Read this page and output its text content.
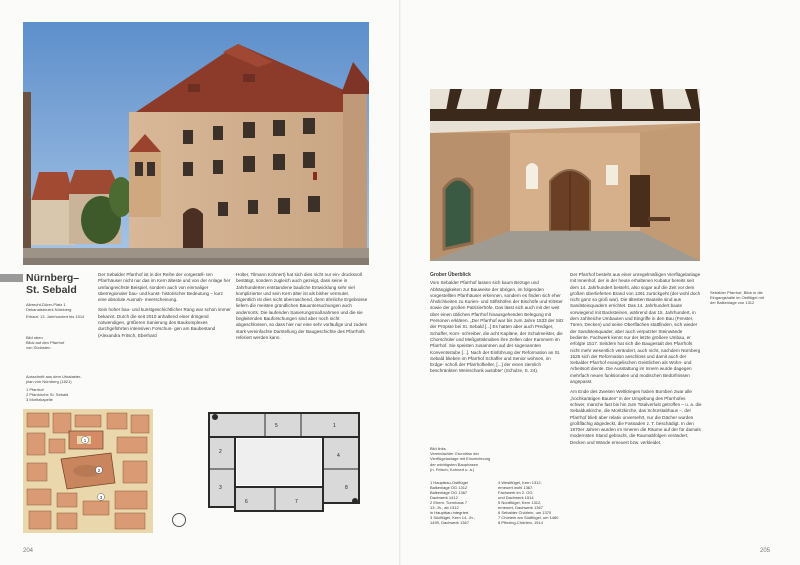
Nürnberg–
St. Sebald
Albrecht-Dürer-Platz 1
Dekanatsbezirk Nürnberg
Erbaut: 13. Jahrhundert bis 1514
Bild oben
Blick auf den Pfarrhof
von Südosten
Ausschnitt aus dem Urkataster-
plan von Nürnberg (1821)
1 Pfarrhof
2 Pfarrkirche St. Sebald
3 Moritzkapelle

Der Sebalder Pfarrhof ist in der Reihe der vorgestell- ten Pfarrhäuser nicht nur das im Kern älteste und von der Anlage her umfangreichste Beispiel, sondern auch von einmaliger überregionaler bau- und kunst- historischer Bedeutung – kurz eine absolute Ausnah- meerscheinung.

Sein hoher bau- und kunstgeschichtlicher Rang war schon immer bekannt. Durch die seit 2010 anhaltend einer dringend notwendigen, größeren Sanierung des Baukomplexes durchgeführten intensiven Forschun- gen am Baubestand (Alexandra Fritsch, Eberhard

Holter, Tilmann Kohnert) hat sich dies nicht nur ein- drucksvoll bestätigt, sondern zugleich auch gezeigt, dass seine in Jahrhunderten entstandene bauliche Entwicklung sehr viel komplizierter und sein Kern älter ist als bisher vermutet. Eigentlich ist dies nicht überraschend, denn ähnliche Ergebnisse liefern die meisten gründlichen Bauuntersuchungen auch andernorts. Die laufenden Sanierungsmaßnahmen und die sie begleitenden Bauforschungen sind aber noch nicht abgeschlossen, so dass hier nur eine sehr vorläufige und zudem stark vereinfachte Darstellung der Baugeschichte des Pfarrhofs referiert werden kann.

1
2
3
5
2
3
4
6	7
8
1
204
Sebalder Pfarrhof, Blick in die
Eingangshalle im Ostflügel mit
der Balkenlage von 1312
Grober Überblick

Vom Sebalder Pfarrhof lassen sich kaum Bezüge und Abhängigkeiten zur Bauweise der übrigen, im folgenden vorgestellten Pfarrhäuser erkennen, sondern es finden sich eher Ähnlichkeiten zu Kurien- und Stiftshöfen der Bischöfe und Klöster sowie der großen Patrizierhöfe. Das lässt sich auch mit der weit über einen üblichen Pfarrhof hinausgehenden Belegung mit Personen erklären. „Der Pfarrhof war bis zum Jahre 1533 der Sitz der Pröpste bei St. Sebald [...] Es hatten aber auch Prediger, Schaffer, Korn- schreiber, die acht Kapläne, der Schulmeister, die Chorschüler und Meßgottsknaben ihre Zellen oder Kammern im Pfarrhof. Sie speisten zusammen auf der sogenannten Konventsstube [...]. Nach der Einführung der Reformation an St. Sebald blieben im Pfarrhof Schaffer und Senior wohnen, im Erdge- schoß der Pfarrhofkeller, [...] der einen ziemlich beschränkten Weinschank ausübte“ (Schulze, S. 24).

Der Pfarrhof besteht aus einer unregelmäßigen Vierflügelanlage mit Innenhof, der in der heute erhaltenen Kubatur bereits seit dem 14. Jahrhundert besteht, also sogar auf die Zeit vor dem großen überlieferten Brand von 1361 zurückgeht (der wohl doch nicht ganz so groß war). Die ältesten Bauteile sind aus Sandsteinquadern errichtet. Das 14. Jahrhundert baute vorwiegend mit Backsteinen, während das 15. Jahrhundert, in dem zahlreiche Umbauten und Eingriffe in den Bau (Fenster, Türen, Decken) und seine Oberflächen stattfinden, sich wieder der Sandsteinquader, aber auch verputzter Steinwände bediente. Fachwerk kennt nur der letzte größere Umbau, er erfolgte 1517. Seitdem hat sich die Baugestalt des Pfarrhofs nicht mehr wesentlich verändert, auch nicht, nachdem Nürnberg 1525 sich der Reformation anschloss und damit auch der Sebalder Pfarrhof evangelischen Geistlichen als Wohn- und Arbeitsort diente. Die Ausstattung im Innern wurde dagegen mehrfach neuen funktionalen und modischen Bedürfnissen angepasst.

Am Ende des Zweiten Weltkrieges haben Bomben zwar alle „hochkarätigen Bauten“ in der Umgebung des Pfarrhofes schwer, manche fast bis hin zum Totalverlust getroffen – u. a. die Sebalduskirche, die Moritzkirche, das Schürstabhaus –, der Pfarrhof blieb aber relativ unversehrt, nur die Dächer wurden großflächig abgedeckt, die Fassaden z. T. beschädigt. In den 1970er Jahren wurden im Inneren die Räume auf der für damals modernsten Stand gebracht, die Raumabfolgen verändert, Decken und Wände erneuert bzw. verkleidet.

Bild links
Vereinfachter Grundriss der
Vierflügelanlage mit Einzeichnung
der wichtigsten Bauphasen
(n. Fritsch, Kohnert u. a.)
1 Hauptbau-Ostflügel
Balkenlage OG 1312
Balkenlage OG 1367
Dachwerk 1412
2 Ehem. Turmhaus 7
13. Jh., ab 1312
in Hauptbau integriert
3 Südflügel, Kern 14. Jh.,
1499, Dachwerk 1367
4 Westflügel, Kern 1312,
erneuert wohl 1367,
Fachwerk im 2. OG
und Dachwerk 1514
5 Nordflügel, Kern 1312,
erneuert, Dachwerk 1367
6 Sebalder Chörlein, um 1370
7 Chörlein am Südflügel, um 1480
8 Pfinzing-Chörlein, 1514
205
